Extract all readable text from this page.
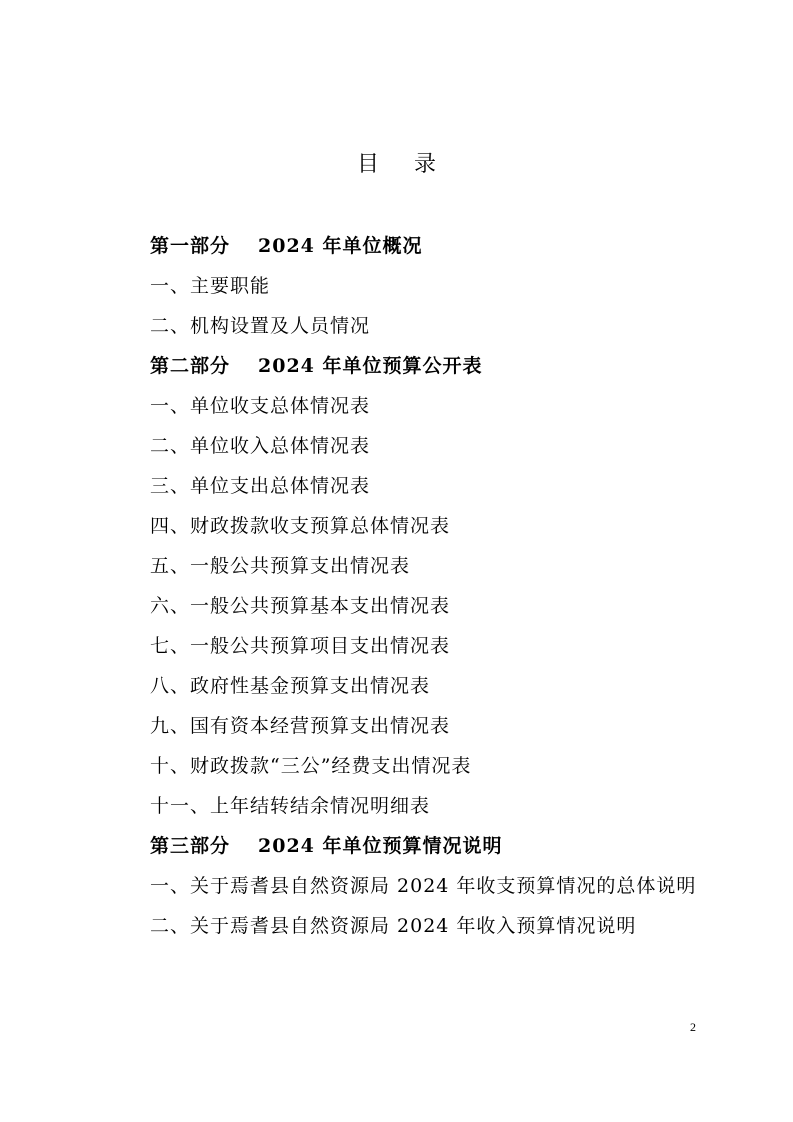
目 录
第一部分 2024 年单位概况
一、主要职能
二、机构设置及人员情况
第二部分 2024 年单位预算公开表
一、单位收支总体情况表
二、单位收入总体情况表
三、单位支出总体情况表
四、财政拨款收支预算总体情况表
五、一般公共预算支出情况表
六、一般公共预算基本支出情况表
七、一般公共预算项目支出情况表
八、政府性基金预算支出情况表
九、国有资本经营预算支出情况表
十、财政拨款“三公”经费支出情况表
十一、上年结转结余情况明细表
第三部分 2024 年单位预算情况说明
一、关于焉耆县自然资源局 2024 年收支预算情况的总体说明
二、关于焉耆县自然资源局 2024 年收入预算情况说明
2
